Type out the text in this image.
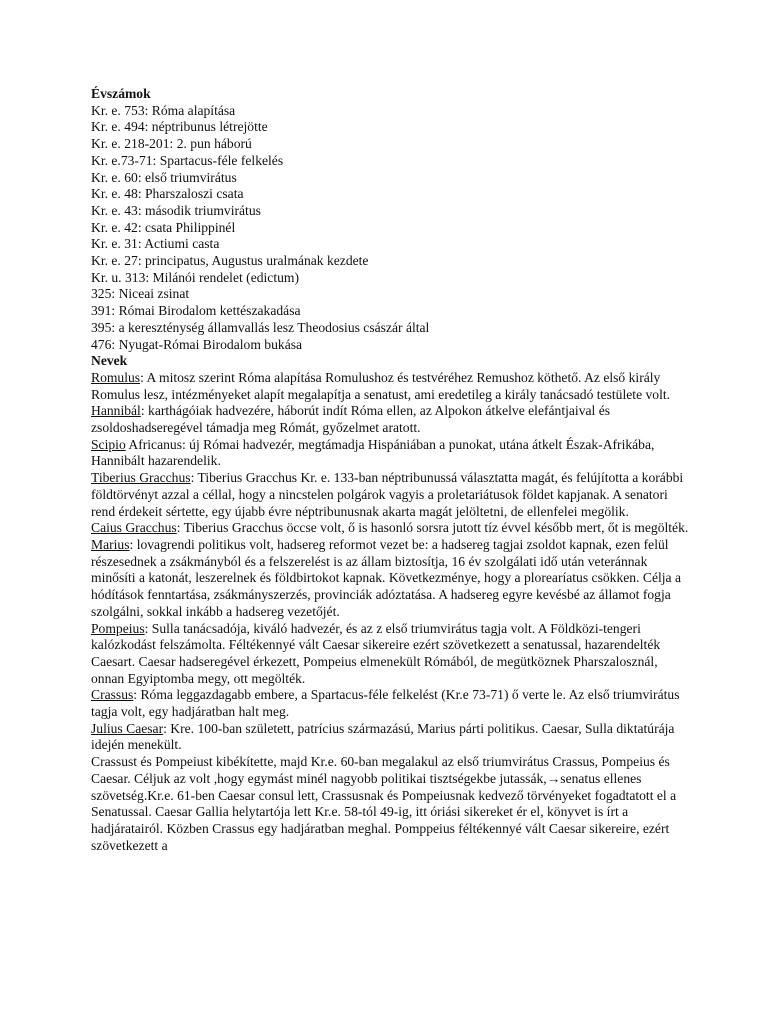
Évszámok
Kr. e. 753: Róma alapítása
Kr. e. 494: néptribunus létrejötte
Kr. e. 218-201: 2. pun háború
Kr. e.73-71: Spartacus-féle felkelés
Kr. e. 60: első triumvirátus
Kr. e. 48: Pharszaloszi csata
Kr. e. 43: második triumvirátus
Kr. e. 42: csata Philippinél
Kr. e. 31: Actiumi casta
Kr. e. 27: principatus, Augustus uralmának kezdete
Kr. u. 313: Milánói rendelet (edictum)
325: Niceai zsinat
391: Római Birodalom kettészakadása
395: a kereszténység államvallás lesz Theodosius császár által
476: Nyugat-Római Birodalom bukása
Nevek
Romulus: A mitosz szerint Róma alapítása Romulushoz és testvéréhez Remushoz köthető. Az első király Romulus lesz, intézményeket alapít megalapítja a senatust, ami eredetileg a király tanácsadó testülete volt.
Hannibál: karthágóiak hadvezére, háborút indít Róma ellen, az Alpokon átkelve elefántjaival és zsoldoshadseregével támadja meg Rómát, győzelmet aratott.
Scipio Africanus: új Római hadvezér, megtámadja Hispániában a punokat, utána átkelt Észak-Afrikába, Hannibált hazarendelik.
Tiberius Gracchus: Tiberius Gracchus Kr. e. 133-ban néptribunussá választatta magát, és felújította a korábbi földtörvényt azzal a céllal, hogy a nincstelen polgárok vagyis a proletariátusok földet kapjanak. A senatori rend érdekeit sértette, egy újabb évre néptribunusnak akarta magát jelöltetni, de ellenfelei megölik.
Caius Gracchus: Tiberius Gracchus öccse volt, ő is hasonló sorsra jutott tíz évvel később mert, őt is megölték.
Marius: lovagrendi politikus volt, hadsereg reformot vezet be: a hadsereg tagjai zsoldot kapnak, ezen felül részesednek a zsákmányból és a felszerelést is az állam biztosítja, 16 év szolgálati idő után veteránnak minősíti a katonát, leszerelnek és földbirtokot kapnak. Következménye, hogy a plorearíatus csökken. Célja a hódítások fenntartása, zsákmányszerzés, provinciák adóztatása. A hadsereg egyre kevésbé az államot fogja szolgálni, sokkal inkább a hadsereg vezetőjét.
Pompeius: Sulla tanácsadója, kiváló hadvezér, és az z első triumvirátus tagja volt. A Földközi-tengeri kalózkodást felszámolta. Féltékennyé vált Caesar sikereire ezért szövetkezett a senatussal, hazarendelték Caesart. Caesar hadseregével érkezett, Pompeius elmenekült Rómából, de megütköznek Pharszalosznál, onnan Egyiptomba megy, ott megölték.
Crassus: Róma leggazdagabb embere, a Spartacus-féle felkelést (Kr.e 73-71) ő verte le. Az első triumvirátus tagja volt, egy hadjáratban halt meg.
Julius Caesar: Kre. 100-ban született, patrícius származású, Marius párti politikus. Caesar, Sulla diktatúrája idején menekült.
Crassust és Pompeiust kibékítette, majd Kr.e. 60-ban megalakul az első triumvirátus Crassus, Pompeius és Caesar. Céljuk az volt ,hogy egymást minél nagyobb politikai tisztségekbe jutassák,→senatus ellenes szövetség.Kr.e. 61-ben Caesar consul lett, Crassusnak és Pompeiusnak kedvező törvényeket fogadtatott el a Senatussal. Caesar Gallia helytartója lett Kr.e. 58-tól 49-ig, itt óriási sikereket ér el, könyvet is írt a hadjáratairól. Közben Crassus egy hadjáratban meghal. Pomppeius féltékennyé vált Caesar sikereire, ezért szövetkezett a
